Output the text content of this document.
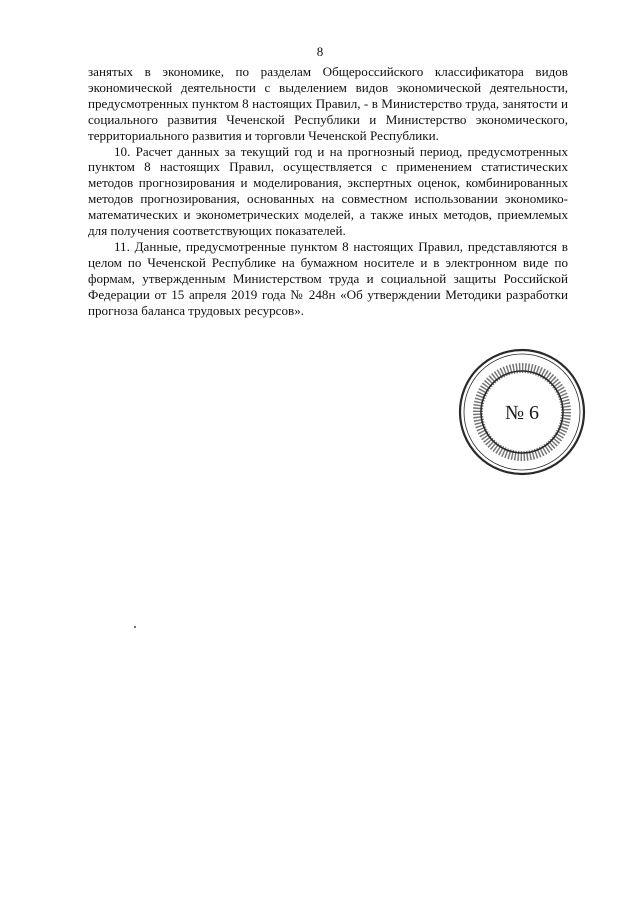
8

занятых в экономике, по разделам Общероссийского классификатора видов экономической деятельности с выделением видов экономической деятельности, предусмотренных пунктом 8 настоящих Правил, - в Министерство труда, занятости и социального развития Чеченской Республики и Министерство экономического, территориального развития и торговли Чеченской Республики.

10. Расчет данных за текущий год и на прогнозный период, предусмотренных пунктом 8 настоящих Правил, осуществляется с применением статистических методов прогнозирования и моделирования, экспертных оценок, комбинированных методов прогнозирования, основанных на совместном использовании экономико-математических и эконометрических моделей, а также иных методов, приемлемых для получения соответствующих показателей.

11. Данные, предусмотренные пунктом 8 настоящих Правил, представляются в целом по Чеченской Республике на бумажном носителе и в электронном виде по формам, утвержденным Министерством труда и социальной защиты Российской Федерации от 15 апреля 2019 года № 248н «Об утверждении Методики разработки прогноза баланса трудовых ресурсов».

№ 6
